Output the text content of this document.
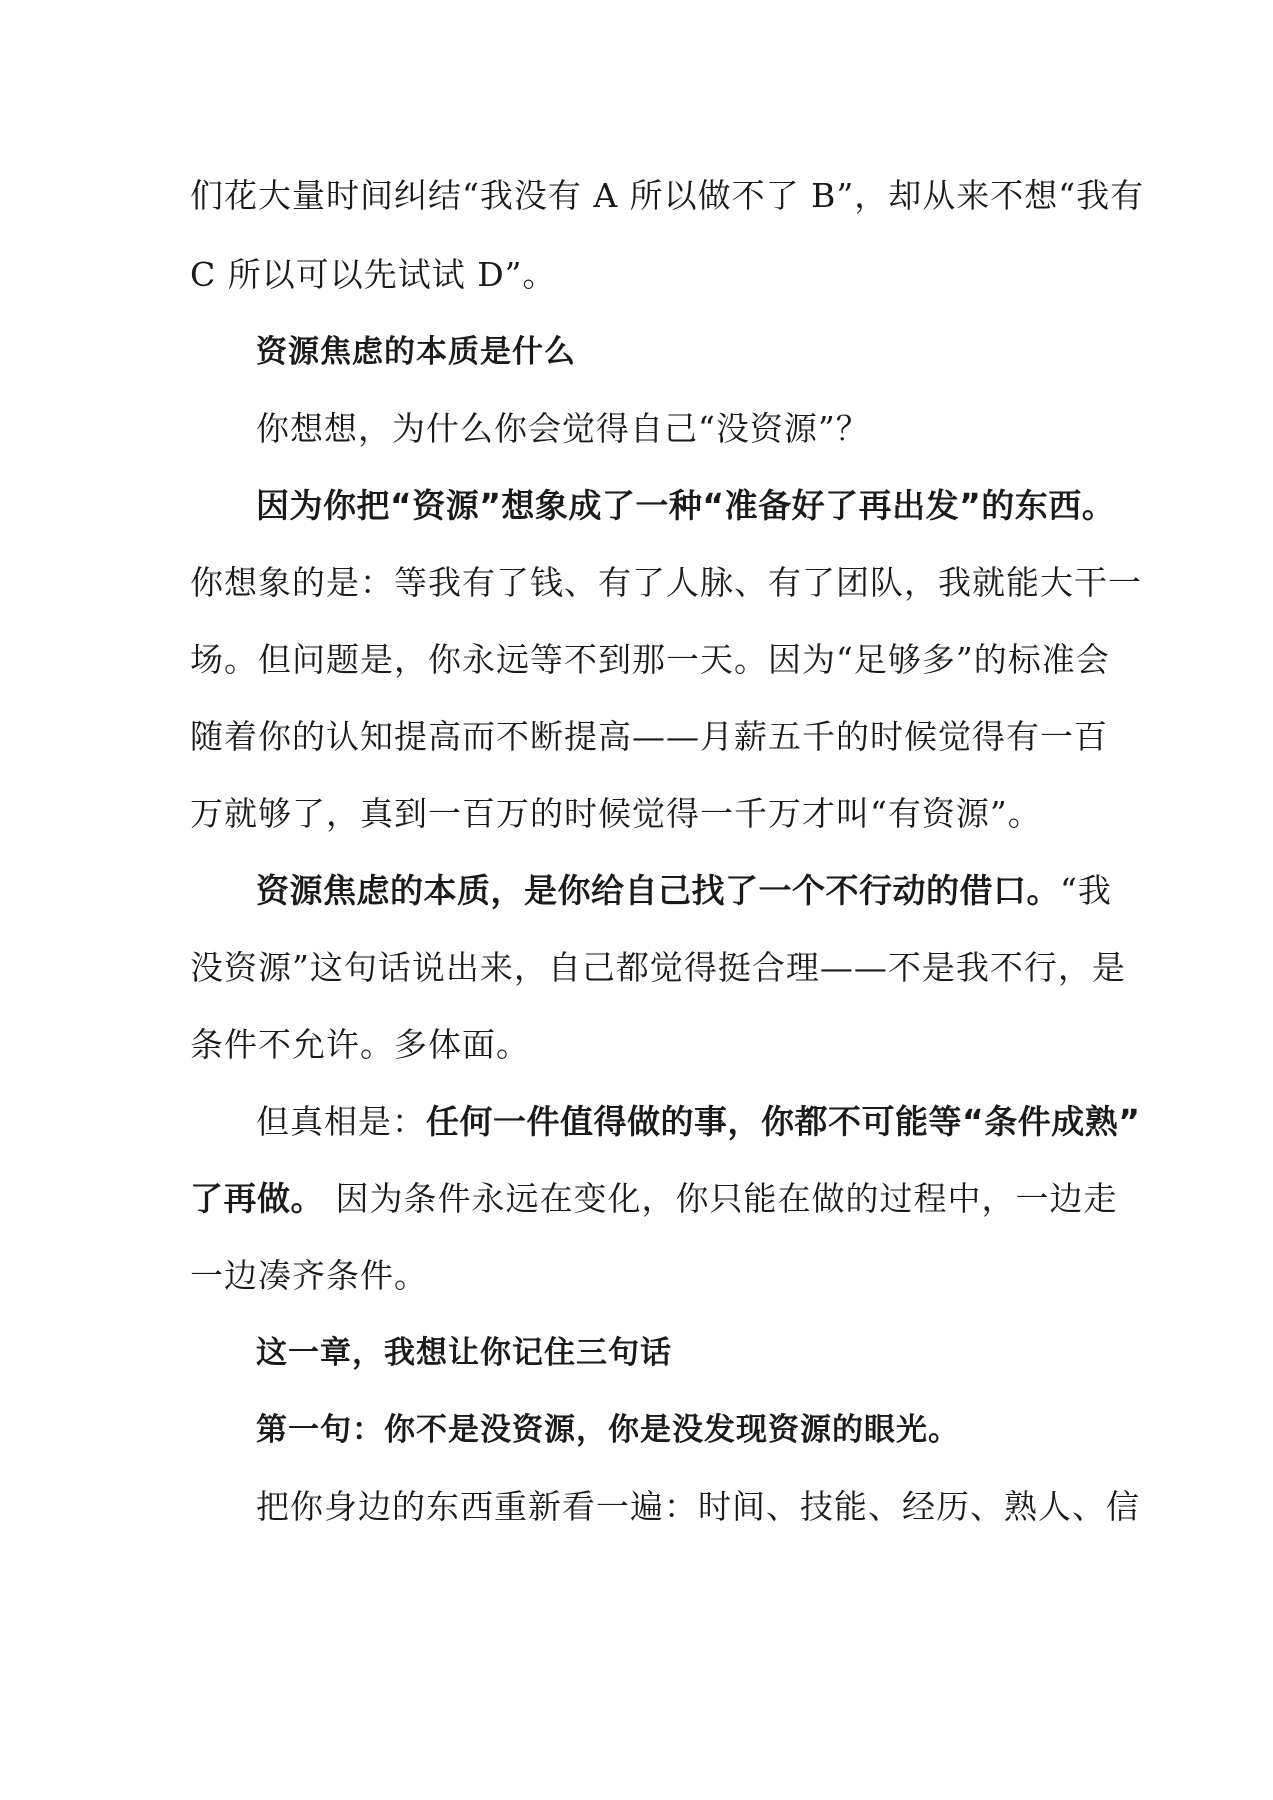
们花大量时间纠结“我没有 A 所以做不了 B”，却从来不想“我有
C 所以可以先试试 D”。
资源焦虑的本质是什么
你想想，为什么你会觉得自己“没资源”？
因为你把“资源”想象成了一种“准备好了再出发”的东西。
你想象的是：等我有了钱、有了人脉、有了团队，我就能大干一
场。但问题是，你永远等不到那一天。因为“足够多”的标准会
随着你的认知提高而不断提高——月薪五千的时候觉得有一百
万就够了，真到一百万的时候觉得一千万才叫“有资源”。
资源焦虑的本质，是你给自己找了一个不行动的借口。“我
没资源”这句话说出来，自己都觉得挺合理——不是我不行，是
条件不允许。多体面。
但真相是：任何一件值得做的事，你都不可能等“条件成熟”
了再做。 因为条件永远在变化，你只能在做的过程中，一边走
一边凑齐条件。
这一章，我想让你记住三句话
第一句：你不是没资源，你是没发现资源的眼光。
把你身边的东西重新看一遍：时间、技能、经历、熟人、信
